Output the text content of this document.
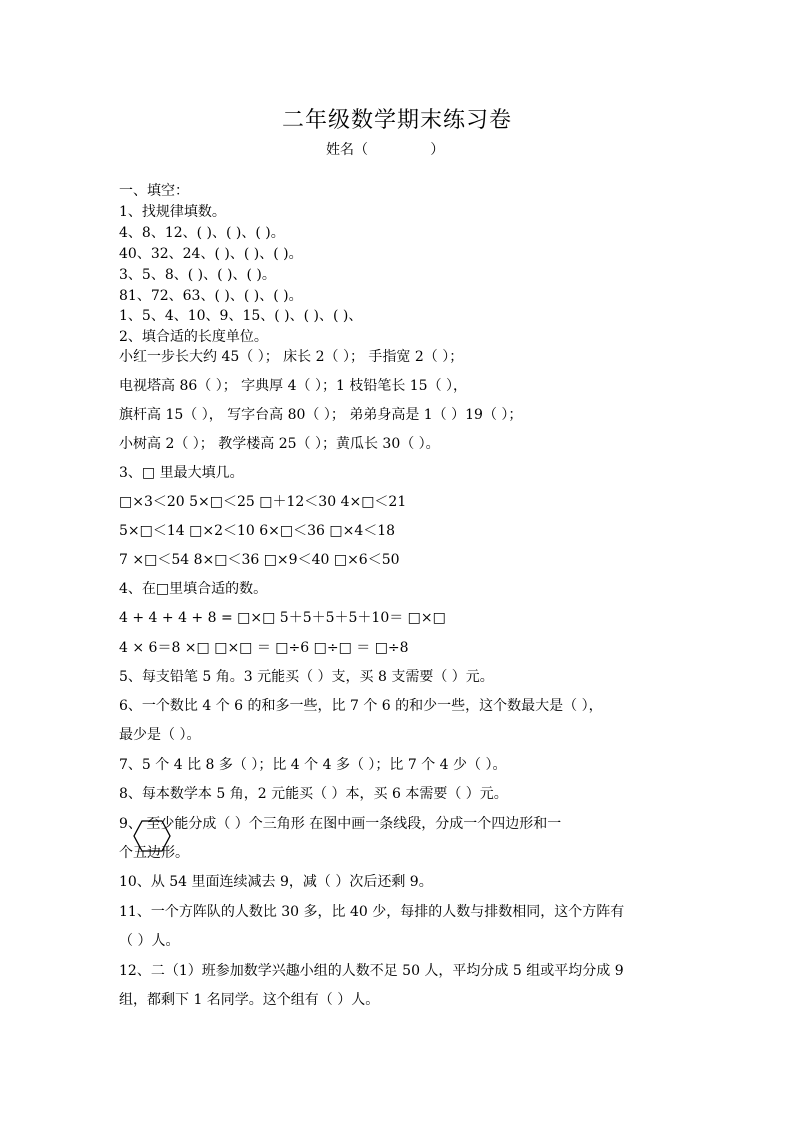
二年级数学期末练习卷
姓名（              ）
一、填空：
1、找规律填数。
4、8、12、( )、( )、( )。
40、32、24、( )、( )、( )。
3、5、8、( )、( )、( )。
81、72、63、( )、( )、( )。
1、5、4、10、9、15、( )、( )、( )、
2、填合适的长度单位。
小红一步长大约 45（ ）； 床长 2（ ）； 手指宽 2（ ）；
电视塔高 86（ ）； 字典厚 4（ ）；1 枝铅笔长 15（ ），
旗杆高 15（ ）， 写字台高 80（ ）； 弟弟身高是 1（ ）19（ ）；
小树高 2（ ）； 教学楼高 25（ ）；黄瓜长 30（ ）。
3、□ 里最大填几。
□×3＜20 5×□＜25 □＋12＜30 4×□＜21
5×□＜14 □×2＜10 6×□＜36 □×4＜18
7 ×□＜54 8×□＜36 □×9＜40 □×6＜50
4、在□里填合适的数。
4 + 4 + 4 + 8 = □×□ 5＋5＋5＋5＋10＝ □×□
4 × 6＝8 ×□ □×□ ＝ □÷6 □÷□ ＝ □÷8
5、每支铅笔 5 角。3 元能买（ ）支，买 8 支需要（ ）元。
6、一个数比 4 个 6 的和多一些，比 7 个 6 的和少一些，这个数最大是（ ），
最少是（ ）。
7、5 个 4 比 8 多（ ）；比 4 个 4 多（ ）；比 7 个 4 少（ ）。
8、每本数学本 5 角，2 元能买（ ）本，买 6 本需要（ ）元。
9、 至少能分成（ ）个三角形 在图中画一条线段，分成一个四边形和一
个五边形。
10、从 54 里面连续减去 9，减（ ）次后还剩 9。
11、一个方阵队的人数比 30 多，比 40 少，每排的人数与排数相同，这个方阵有
（ ）人。
12、二（1）班参加数学兴趣小组的人数不足 50 人，平均分成 5 组或平均分成 9
组，都剩下 1 名同学。这个组有（ ）人。
